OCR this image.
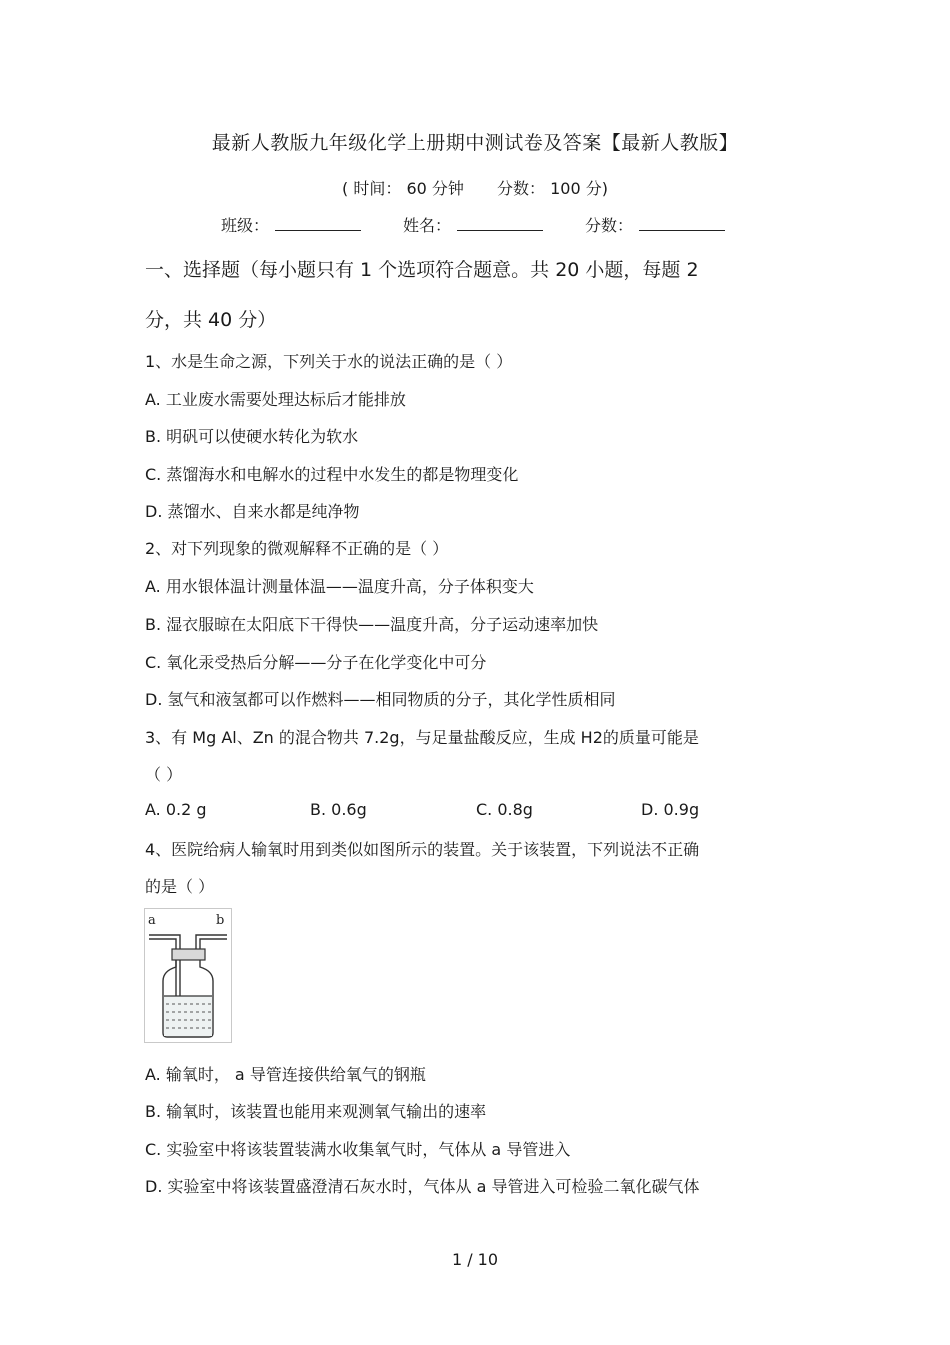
最新人教版九年级化学上册期中测试卷及答案【最新人教版】
( 时间： 60 分钟 分数： 100 分)
班级：	姓名：	分数：
一、选择题（每小题只有 1 个选项符合题意。共 20 小题，每题 2
分，共 40 分）
1、水是生命之源，下列关于水的说法正确的是（ ）
A. 工业废水需要处理达标后才能排放
B. 明矾可以使硬水转化为软水
C. 蒸馏海水和电解水的过程中水发生的都是物理变化
D. 蒸馏水、自来水都是纯净物
2、对下列现象的微观解释不正确的是（ ）
A. 用水银体温计测量体温——温度升高，分子体积变大
B. 湿衣服晾在太阳底下干得快——温度升高，分子运动速率加快
C. 氧化汞受热后分解——分子在化学变化中可分
D. 氢气和液氢都可以作燃料——相同物质的分子，其化学性质相同
3、有 Mg Al、Zn 的混合物共 7.2g，与足量盐酸反应，生成 H2的质量可能是
（ ）
A. 0.2 g	B. 0.6g	C. 0.8g	D. 0.9g
4、医院给病人输氧时用到类似如图所示的装置。关于该装置，下列说法不正确
的是（ ）
a	b
A. 输氧时， a 导管连接供给氧气的钢瓶
B. 输氧时，该装置也能用来观测氧气输出的速率
C. 实验室中将该装置装满水收集氧气时，气体从 a 导管进入
D. 实验室中将该装置盛澄清石灰水时，气体从 a 导管进入可检验二氧化碳气体
1 / 10
